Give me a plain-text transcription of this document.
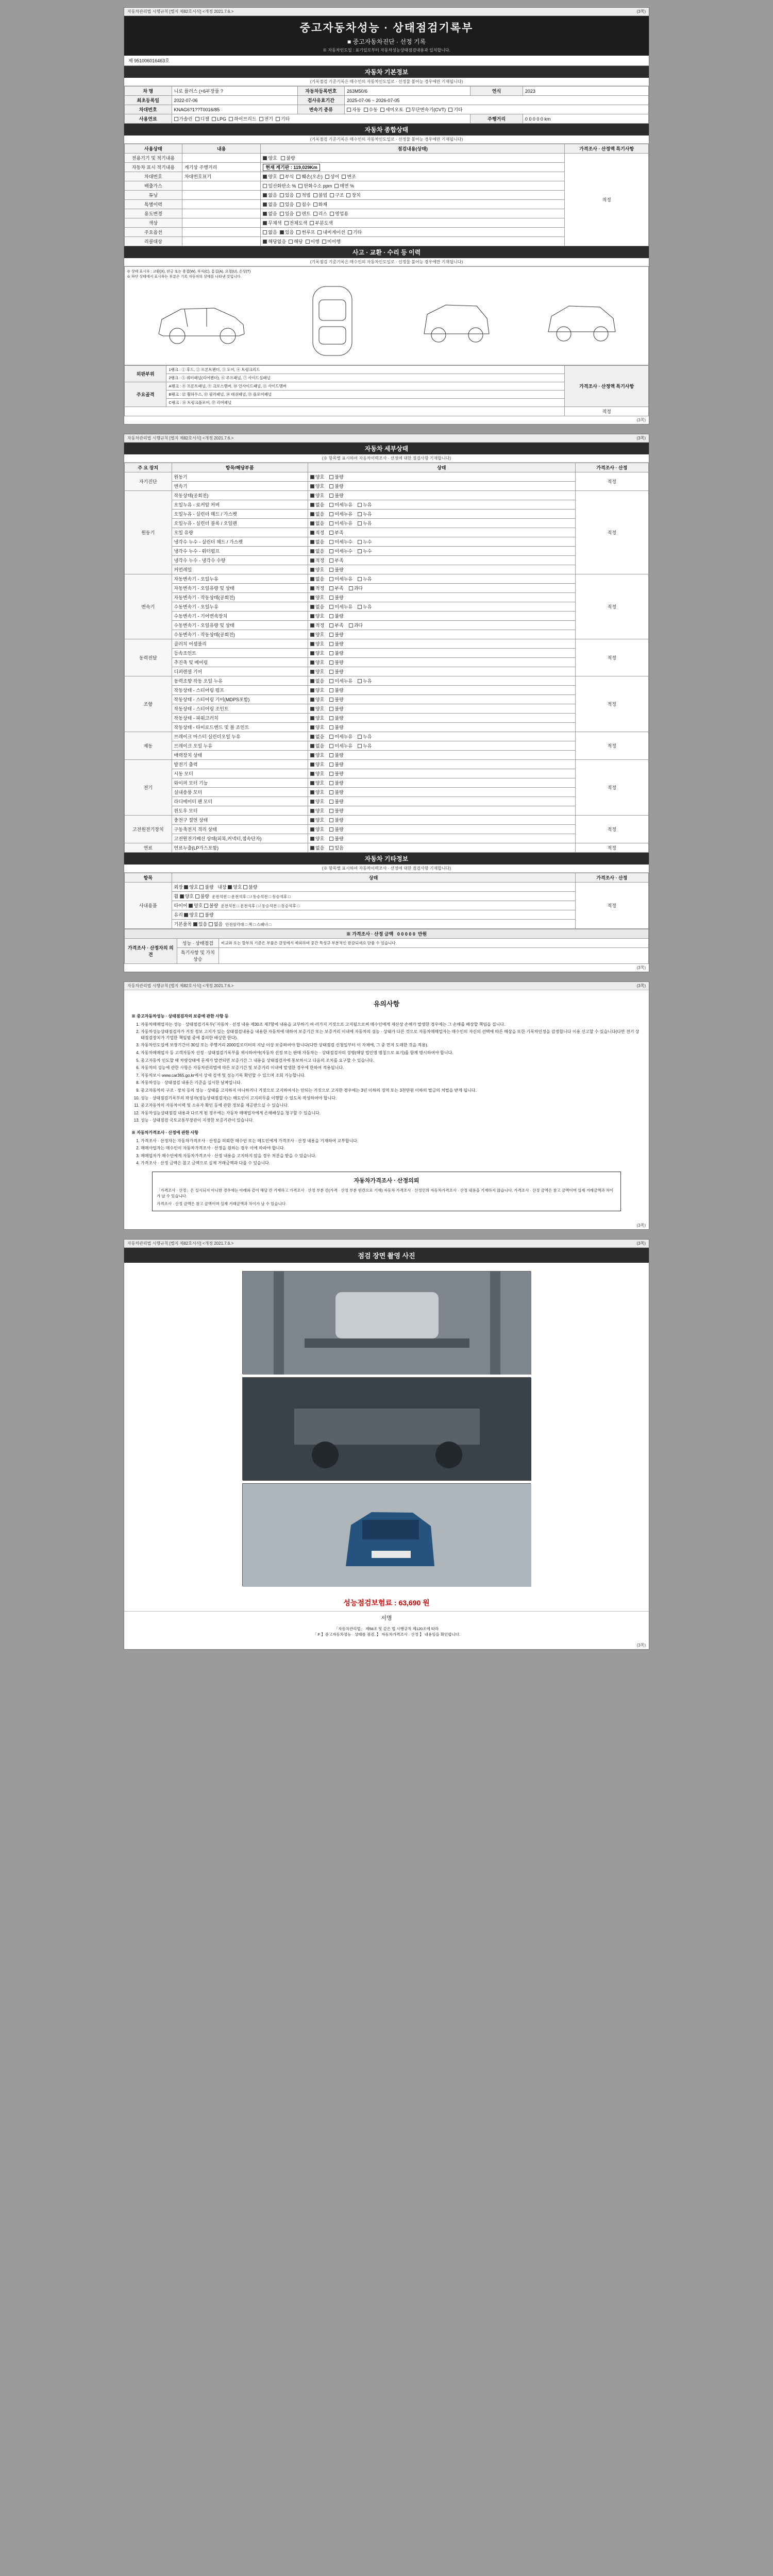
자동차관리법 시행규칙 [별지 제82호서식] <개정 2021.7.6.>	(3쪽)
중고자동차성능 · 상태점검기록부
■ 중고자동차진단 · 선정 기록
※ 자동차인도일 : 표기일로부터 자동차성능상태점검내용과 일치합니다.
제 951006016463호
자동차 기본정보
(기록점검 기준기록은 매수인의 자동차인도일로 · 선정물 불어능 경우에만 기재됩니다)
차 명	니로 플러스 (+6부장품 ?	자동차등록번호	263M50/6	연식	2023
최초등록일	2022-07-06	검사유효기간	2025-07-06 ~ 2026-07-05		
차대번호	KNAG6?1??T0016/85	변속기 종류	자동 수동 세미오토 무단변속기(CVT) 기타		
사용연료	가솔린 디젤 LPG 하이브리드 전기 기타			주행거리	0 0 0 0 0 km
자동차 종합상태
(기록점검 기준기록은 매수인의 자동차인도일로 · 선정물 불어능 경우에만 기재됩니다)
사용상태	내용	점검내용(상태)	가격조사 · 산정액 특기사항
전용기기 및 적기내용		양호 불량	적정
자동차 표시 적기내용	계기상 주행거리	현재 계기판 : 119,029Km	
차대번호	차대번호표기	양호 부식 훼손(오손) 상이 변조	
배출가스		일산화탄소 % 탄화수소 ppm 매연 %	
튜닝		없음 있음 적법 불법 구조 장치	
특별이력		없음 있음 침수 화재	
용도변경		없음 있음 렌트 리스 영업용	
색상		무채색 전체도색 부분도색	
주요옵션		없음 있음 썬루프 내비게이션 기타	
리콜대상		해당없음 해당 이행 미이행	
사고 · 교환 · 수리 등 이력
(기록점검 기준기록은 매수인의 자동차인도일로 · 선정물 불어능 경우에만 기재됩니다)
※ 상태 표시부 : 교환(X), 판금 또는 용접(W), 부식(C), 흠집(A), 요철(U), 손상(T)
※ 하단 상태에서 표시하는 부분은 기록 자동차의 상태를 나타낸 것입니다.
외판부위	1랭크 : ① 후드, ② 프론트펜더, ③ 도어, ④ 트렁크리드	가격조사 · 산정액 특기사항
	2랭크 : ⑤ 쿼터패널(리어펜더), ⑥ 루프패널, ⑦ 사이드실패널	
주요골격	A랭크 : ⑧ 프론트패널, ⑨ 크로스멤버, ⑩ 인사이드패널, ⑪ 사이드멤버	
	B랭크 : ⑫ 휠하우스, ⑬ 필러패널, ⑭ 대쉬패널, ⑮ 플로어패널	
	C랭크 : ⑯ 트렁크플로어, ⑰ 리어패널	
		적정
(3쪽)
자동차관리법 시행규칙 [별지 제82호서식] <개정 2021.7.6.>	(3쪽)
자동차 세부상태
(※ 항목별 표시하여 자동차이력조사 · 선정에 대한 점검사항 기재합니다)
주 요 장치	항목/해당부품	상태	가격조사 · 산정
자기진단	원동기	양호 불량	적정
	변속기	양호 불량	
원동기	작동상태(공회전)	양호 불량	적정
	오일누유 - 로커암 커버	없음 미세누유 누유	
	오일누유 - 실린더 헤드 / 가스켓	없음 미세누유 누유	
	오일누유 - 실린더 블록 / 오일팬	없음 미세누유 누유	
	오일 유량	적정 부족	
	냉각수 누수 - 실린더 헤드 / 가스켓	없음 미세누수 누수	
	냉각수 누수 - 워터펌프	없음 미세누수 누수	
	냉각수 누수 - 냉각수 수량	적정 부족	
	커먼레일	양호 불량	
변속기	자동변속기 - 오일누유	없음 미세누유 누유	적정
	자동변속기 - 오일유량 및 상태	적정 부족 과다	
	자동변속기 - 작동상태(공회전)	양호 불량	
	수동변속기 - 오일누유	없음 미세누유 누유	
	수동변속기 - 기어변속장치	양호 불량	
	수동변속기 - 오일유량 및 상태	적정 부족 과다	
	수동변속기 - 작동상태(공회전)	양호 불량	
동력전달	클러치 어셈블리	양호 불량	적정
	등속조인트	양호 불량	
	추진축 및 베어링	양호 불량	
	디퍼렌셜 기어	양호 불량	
조향	동력조향 작동 오일 누유	없음 미세누유 누유	적정
	작동상태 - 스티어링 펌프	양호 불량	
	작동상태 - 스티어링 기어(MDPS포함)	양호 불량	
	작동상태 - 스티어링 조인트	양호 불량	
	작동상태 - 파워크러치	양호 불량	
	작동상태 - 타이로드엔드 및 볼 조인트	양호 불량	
제동	브레이크 마스터 실린더오일 누유	없음 미세누유 누유	적정
	브레이크 오일 누유	없음 미세누유 누유	
	배력장치 상태	양호 불량	
전기	발전기 출력	양호 불량	적정
	시동 모터	양호 불량	
	와이퍼 모터 기능	양호 불량	
	실내송풍 모터	양호 불량	
	라디에이터 팬 모터	양호 불량	
	윈도우 모터	양호 불량	
고전원전기장치	충전구 절연 상태	양호 불량	적정
	구동축전지 격리 상태	양호 불량	
	고전원전기배선 상태(피복,커넥터,접속단자)	양호 불량	
연료	연료누출(LP가스포함)	없음 있음	적정
자동차 기타정보
(※ 항목별 표시하여 자동차이력조사 · 선정에 대한 점검사항 기재합니다)
항목	상태	가격조사 · 산정
사내용품	외장 양호 불량 내장 양호 불량	적정
	휠 양호 불량 운전석전 □ 운전석후 □ / 동승석전 □ 동승석후 □	
	타이어 양호 불량 운전석전 □ 운전석후 □ / 동승석전 □ 동승석후 □	
	유리 양호 불량	
	기본품목 있음 없음 안전삼각대 □ 잭 □ 스패너 □	
※ 가격조사 · 산정 금액 0 0 0 0 0 만원		
가격조사 · 산정자의 의견	성능 · 상태점검	비교와 또는 할부의 기준은 부품은 감정에서 제외하며 중간 특성규 부분적인 판감되세요 단품 수 있습니다.
	특기사항 및 가치상승	
(3쪽)
자동차관리법 시행규칙 [별지 제82호서식] <개정 2021.7.6.>	(3쪽)
유의사항

※ 중고자동차성능 · 상태점검자의 보증에 관한 사항 등

1. 자동차매매업자는 성능 · 상태점검기록부(「자동차 · 선정 내용 제30조 제7항에 내용을 교부하기 여·러가지 거짓으로 고지될으로써 매수인에게 재산상 손해가 발생한 경우에는 그 손해를 배상할 책임을 집니다.
2. 자동차성능상태점검자가 거짓 정보 고지가 있는 상태점검내용을 내용한 자동차에 대하여 보증기간 또는 보증거리 이내에 자동차의 성능 · 상태가 다른 것으로 자동차매매업자는 매수인의 자신의 선택에 따른 매상을 또한 기록차인정을 감정합니다 이용 신고할 수 있습니다(다만 전기 상태점검장치가 기업한 책임범 중에 불의한 배상한 한다).
3. 자동차인도일에 보장기간이 30일 또는 주행거리 2000킬로미터의 지납 이상 보증하여야 합니다(다만 상태점검 신청일부터 이 자체에, 그 중 먼저 도래한 것을 적용).
4. 자동차매매업자 등 고객자동차 선정 · 상태점검기록부를 제시하여야(자동차 선정 또는 판매 자동차는 · 상태점검자의 성명(해당 법인명 명칭으로 표기)를 함께 명시하여야 합니다.
5. 중고자동차 인도할 때 차량상태에 문제가 발견되면 보증기간 그 내용을 상태점검자에 통보하시고 다음의 조치를 요구할 수 있습니다.
6. 자동차의 성능에 관한 사항은 자동차관리법에 따른 보증기간 및 보증거리 이내에 발생한 경우에 한하여 적용됩니다.
7. 자동차보시 www.car365.go.kr에서 상세 검색 및 성능기록 확인할 수 있으며 조회 가능합니다.
8. 자동차성능 · 상태점검 내용은 기준을 실시한 날짜입니다.
9. 중고자동차의 구조 · 장치 등의 성능 · 상태를 고지하지 아니하거나 거짓으로 고지하여서는 안되는 거짓으로 고지한 경우에는 3년 이하의 징역 또는 3천만원 이하의 벌금의 처벌을 받게 됩니다.
10. 성능 · 상태점검기록부의 작성자(성능상태점검자)는 매도인이 고지의무를 이행할 수 있도록 작성하여야 합니다.
11. 중고자동차의 자동차이력 및 소유자 확인 등에 관한 정보를 제공받으실 수 있습니다.
12. 자동차성능상태점검 내용과 다르게 된 경우에는 자동차 매매업자에게 손해배상을 청구할 수 있습니다.
13. 성능 · 상태점검 국토교통부장관이 지정한 보증기관이 있습니다.

※ 자동차가격조사 · 산정에 관한 사항

1. 가격조사 · 산정자는 자동차가격조사 · 산정을 의뢰한 매수인 또는 매도인에게 가격조사 · 산정 내용을 기재하여 교부합니다.
2. 매매사업자는 매수인이 자동차가격조사 · 산정을 원하는 경우 이에 따라야 합니다.
3. 매매업자가 매수인에게 자동차가격조사 · 산정 내용을 고지하지 않을 경우 처분을 받을 수 있습니다.
4. 가격조사 · 산정 금액은 참고 금액으로 실제 거래금액과 다를 수 있습니다.
자동차가격조사 · 산정의뢰
「가격조사 · 산정」은 실시되지 아니한 경우에는 아래와 같이 해당 칸 기재하고 가격조사 · 산정 부분 칸(가격 · 산정 부분 빈칸으로 기재) 자동차 가격조사 · 산정인의 자동차가격조사 · 산정 내용을 기재하지 않습니다. 가격조사 · 산정 금액은 참고 금액이며 실제 거래금액과 차이가 날 수 있습니다.
가격조사 · 산정 금액은 참고 금액이며 실제 거래금액과 차이가 날 수 있습니다.
(3쪽)
자동차관리법 시행규칙 [별지 제82호서식] <개정 2021.7.6.>	(3쪽)
점검 장면 촬영 사진
성능점검보험료 : 63,690 원
서명
「자동차관리법」 제58조 및 같은 법 시행규칙 제120조에 따라
「 F 】중고자동차성능 · 상태를 점검, 】 자동차가격조사 · 산정 】 내용임을 확인합니다.
(3쪽)
